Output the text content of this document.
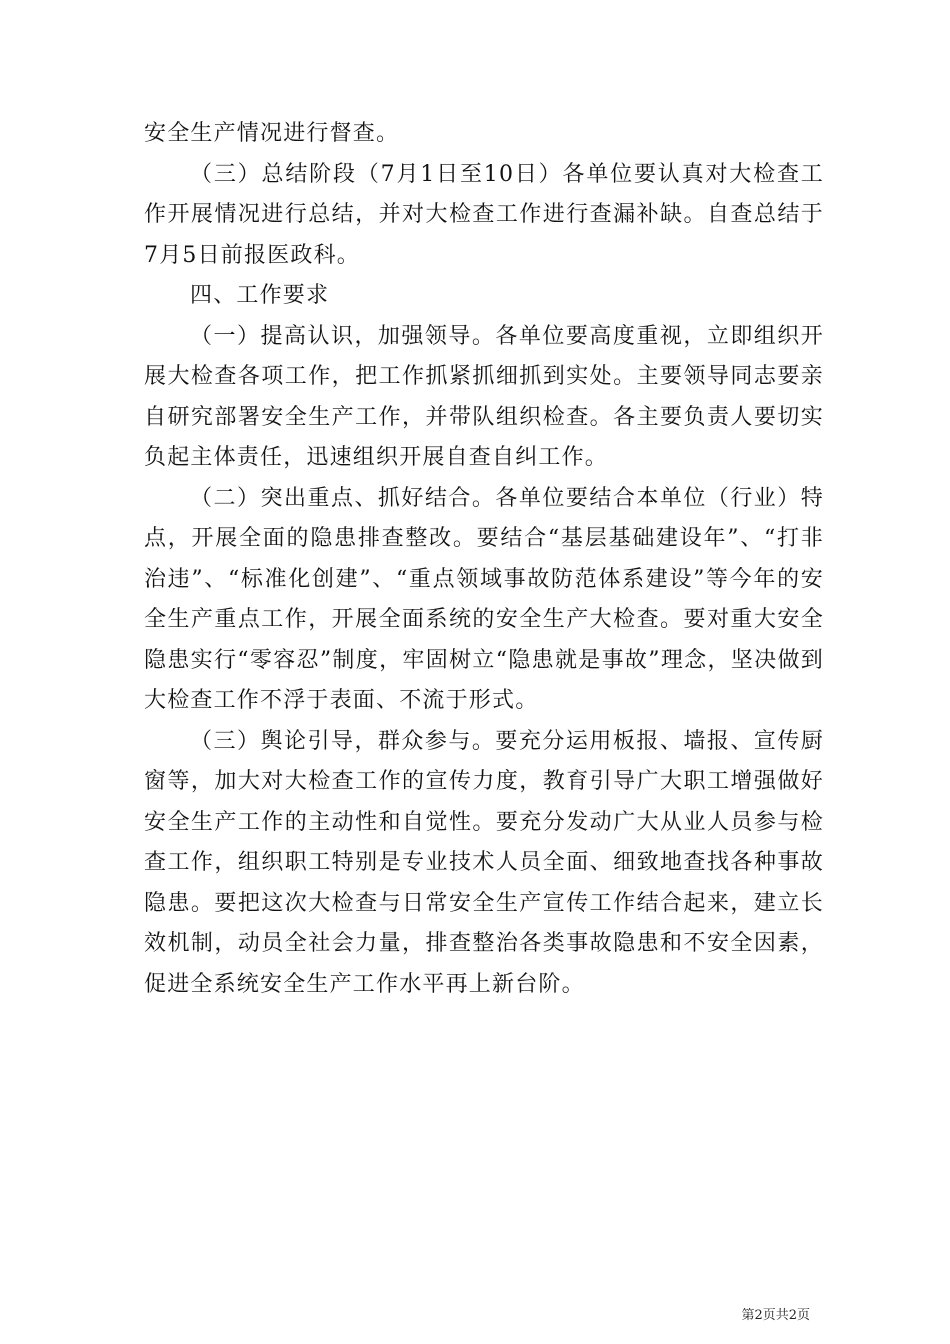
安全生产情况进行督查。

（三）总结阶段（7月1日至10日）各单位要认真对大检查工作开展情况进行总结，并对大检查工作进行查漏补缺。自查总结于7月5日前报医政科。

四、工作要求

（一）提高认识，加强领导。各单位要高度重视，立即组织开展大检查各项工作，把工作抓紧抓细抓到实处。主要领导同志要亲自研究部署安全生产工作，并带队组织检查。各主要负责人要切实负起主体责任，迅速组织开展自查自纠工作。

（二）突出重点、抓好结合。各单位要结合本单位（行业）特点，开展全面的隐患排查整改。要结合“基层基础建设年”、“打非治违”、“标准化创建”、“重点领域事故防范体系建设”等今年的安全生产重点工作，开展全面系统的安全生产大检查。要对重大安全隐患实行“零容忍”制度，牢固树立“隐患就是事故”理念，坚决做到大检查工作不浮于表面、不流于形式。

（三）舆论引导，群众参与。要充分运用板报、墙报、宣传厨窗等，加大对大检查工作的宣传力度，教育引导广大职工增强做好安全生产工作的主动性和自觉性。要充分发动广大从业人员参与检查工作，组织职工特别是专业技术人员全面、细致地查找各种事故隐患。要把这次大检查与日常安全生产宣传工作结合起来，建立长效机制，动员全社会力量，排查整治各类事故隐患和不安全因素，促进全系统安全生产工作水平再上新台阶。

第2页共2页
